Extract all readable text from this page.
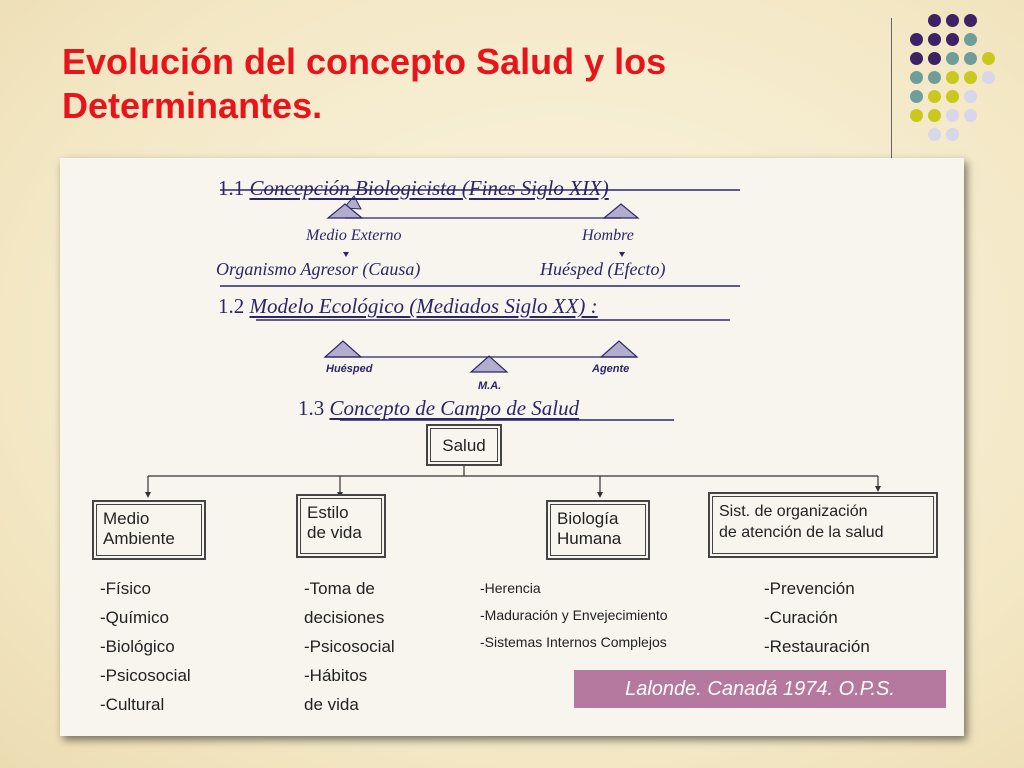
Evolución del concepto Salud y los
Determinantes.
1.1 Concepción Biologicista (Fines Siglo XIX)
Medio Externo	Hombre
Organismo Agresor (Causa)	Huésped (Efecto)
1.2 Modelo Ecológico (Mediados Siglo XX) :
Huésped
M.A.
Agente
1.3 Concepto de Campo de Salud
Salud
Medio
Ambiente
Estilo
de vida
Biología
Humana
Sist. de organización
de atención de la salud
-Físico
-Químico
-Biológico
-Psicosocial
-Cultural
-Toma de
decisiones
-Psicosocial
-Hábitos
de vida
-Herencia
-Maduración y Envejecimiento
-Sistemas Internos Complejos
-Prevención
-Curación
-Restauración
Lalonde. Canadá 1974. O.P.S.
